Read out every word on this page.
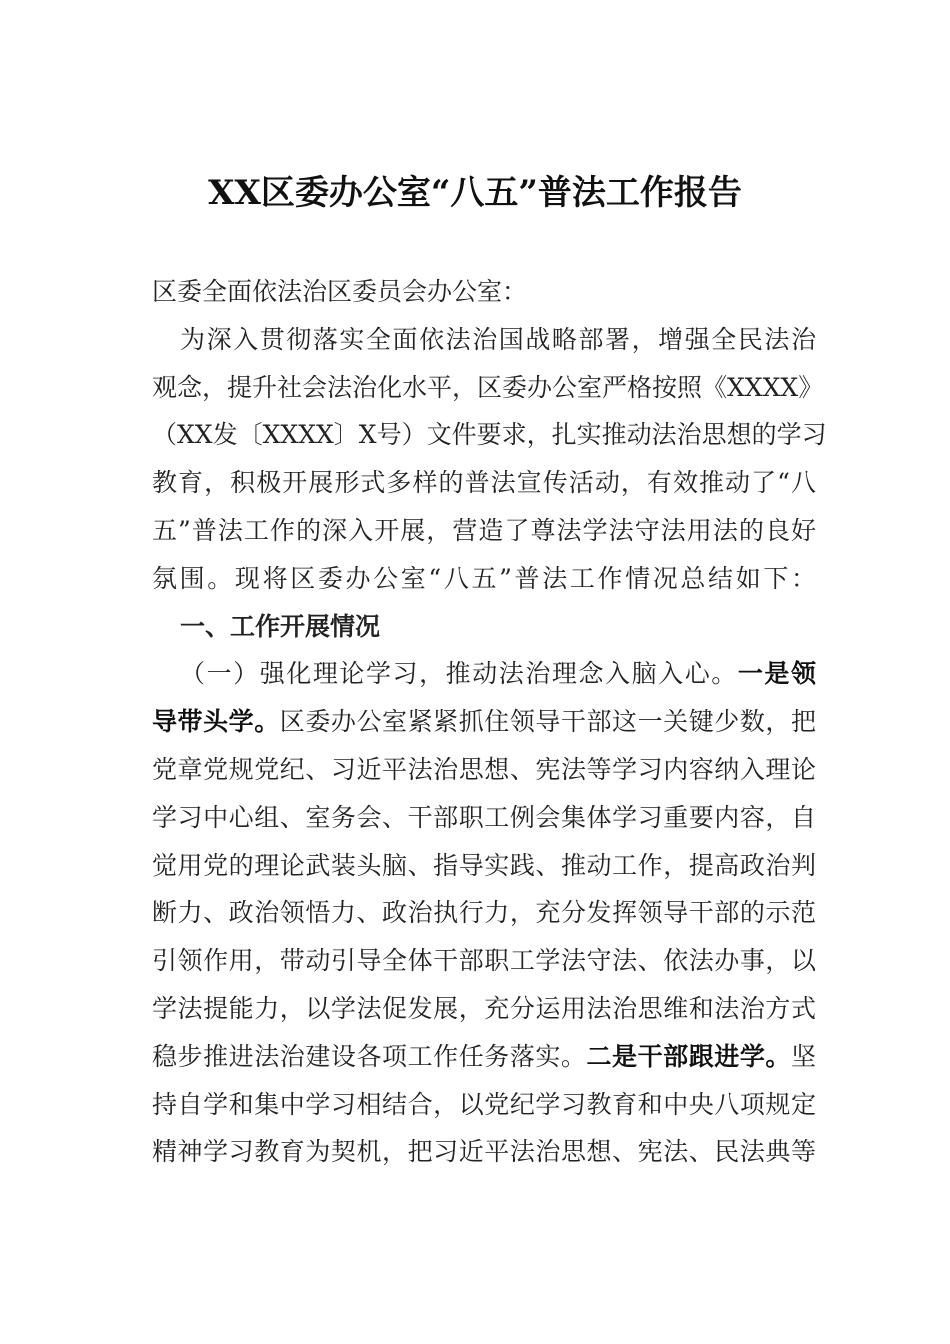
XX区委办公室“八五”普法工作报告
区委全面依法治区委员会办公室：
为深入贯彻落实全面依法治国战略部署，增强全民法治
观念，提升社会法治化水平，区委办公室严格按照《XXXX》
（XX发〔XXXX〕X号）文件要求，扎实推动法治思想的学习
教育，积极开展形式多样的普法宣传活动，有效推动了“八
五”普法工作的深入开展，营造了尊法学法守法用法的良好
氛围。现将区委办公室“八五”普法工作情况总结如下：
一、工作开展情况
（一）强化理论学习，推动法治理念入脑入心。一是领
导带头学。区委办公室紧紧抓住领导干部这一关键少数，把
党章党规党纪、习近平法治思想、宪法等学习内容纳入理论
学习中心组、室务会、干部职工例会集体学习重要内容，自
觉用党的理论武装头脑、指导实践、推动工作，提高政治判
断力、政治领悟力、政治执行力，充分发挥领导干部的示范
引领作用，带动引导全体干部职工学法守法、依法办事，以
学法提能力，以学法促发展，充分运用法治思维和法治方式
稳步推进法治建设各项工作任务落实。二是干部跟进学。坚
持自学和集中学习相结合，以党纪学习教育和中央八项规定
精神学习教育为契机，把习近平法治思想、宪法、民法典等
